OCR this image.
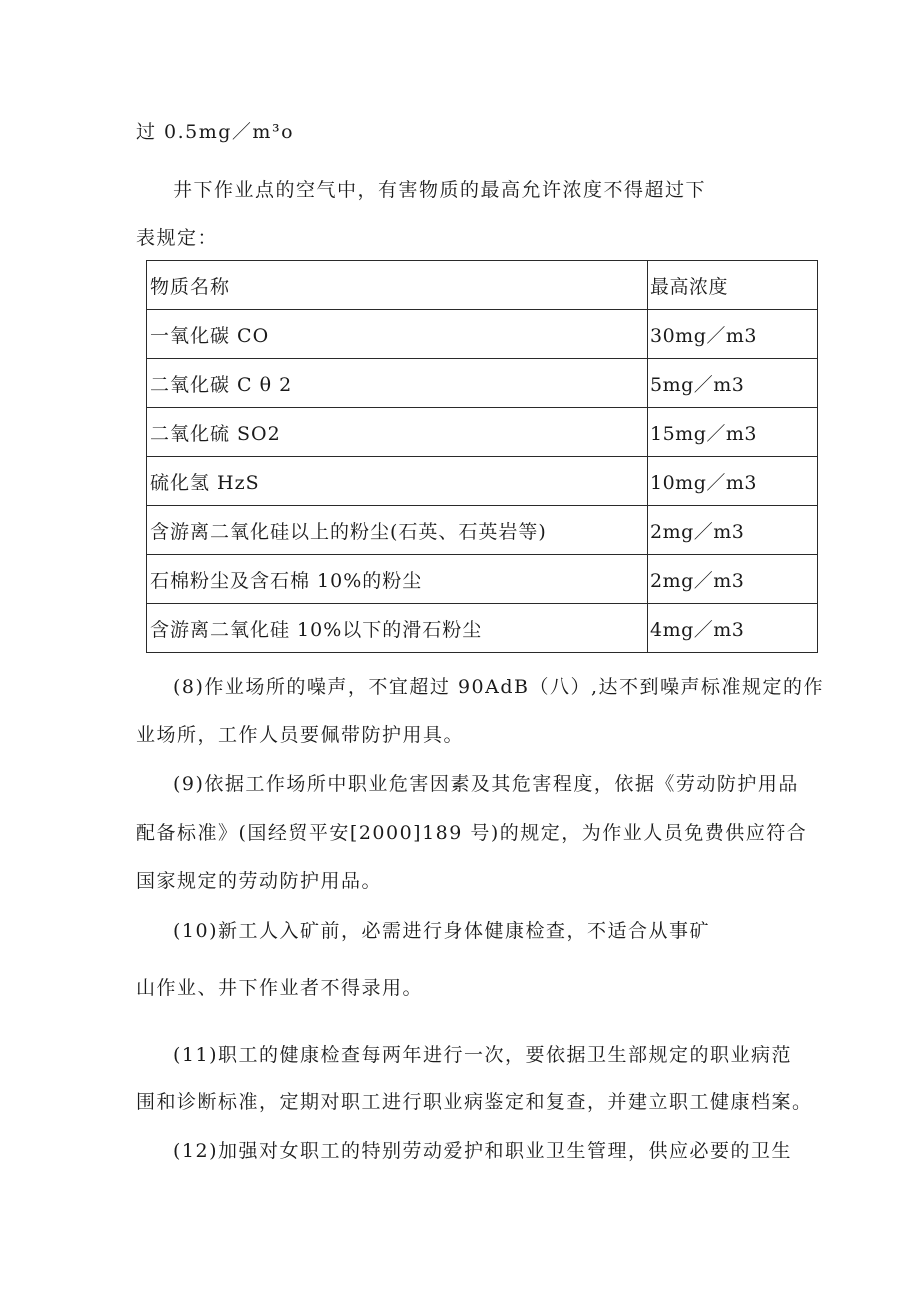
过 0.5mg／m³o
井下作业点的空气中，有害物质的最高允许浓度不得超过下
表规定：
物质名称	最高浓度
一氧化碳 CO	30mg／m3
二氧化碳 C θ 2	5mg／m3
二氧化硫 SO2	15mg／m3
硫化氢 HzS	10mg／m3
含游离二氧化硅以上的粉尘(石英、石英岩等)	2mg／m3
石棉粉尘及含石棉 10%的粉尘	2mg／m3
含游离二氧化硅 10%以下的滑石粉尘	4mg／m3
(8)作业场所的噪声，不宜超过 90AdB（八）,达不到噪声标准规定的作
业场所，工作人员要佩带防护用具。
(9)依据工作场所中职业危害因素及其危害程度，依据《劳动防护用品
配备标准》(国经贸平安[2000]189 号)的规定，为作业人员免费供应符合
国家规定的劳动防护用品。
(10)新工人入矿前，必需进行身体健康检查，不适合从事矿
山作业、井下作业者不得录用。
(11)职工的健康检查每两年进行一次，要依据卫生部规定的职业病范
围和诊断标准，定期对职工进行职业病鉴定和复查，并建立职工健康档案。
(12)加强对女职工的特别劳动爱护和职业卫生管理，供应必要的卫生
